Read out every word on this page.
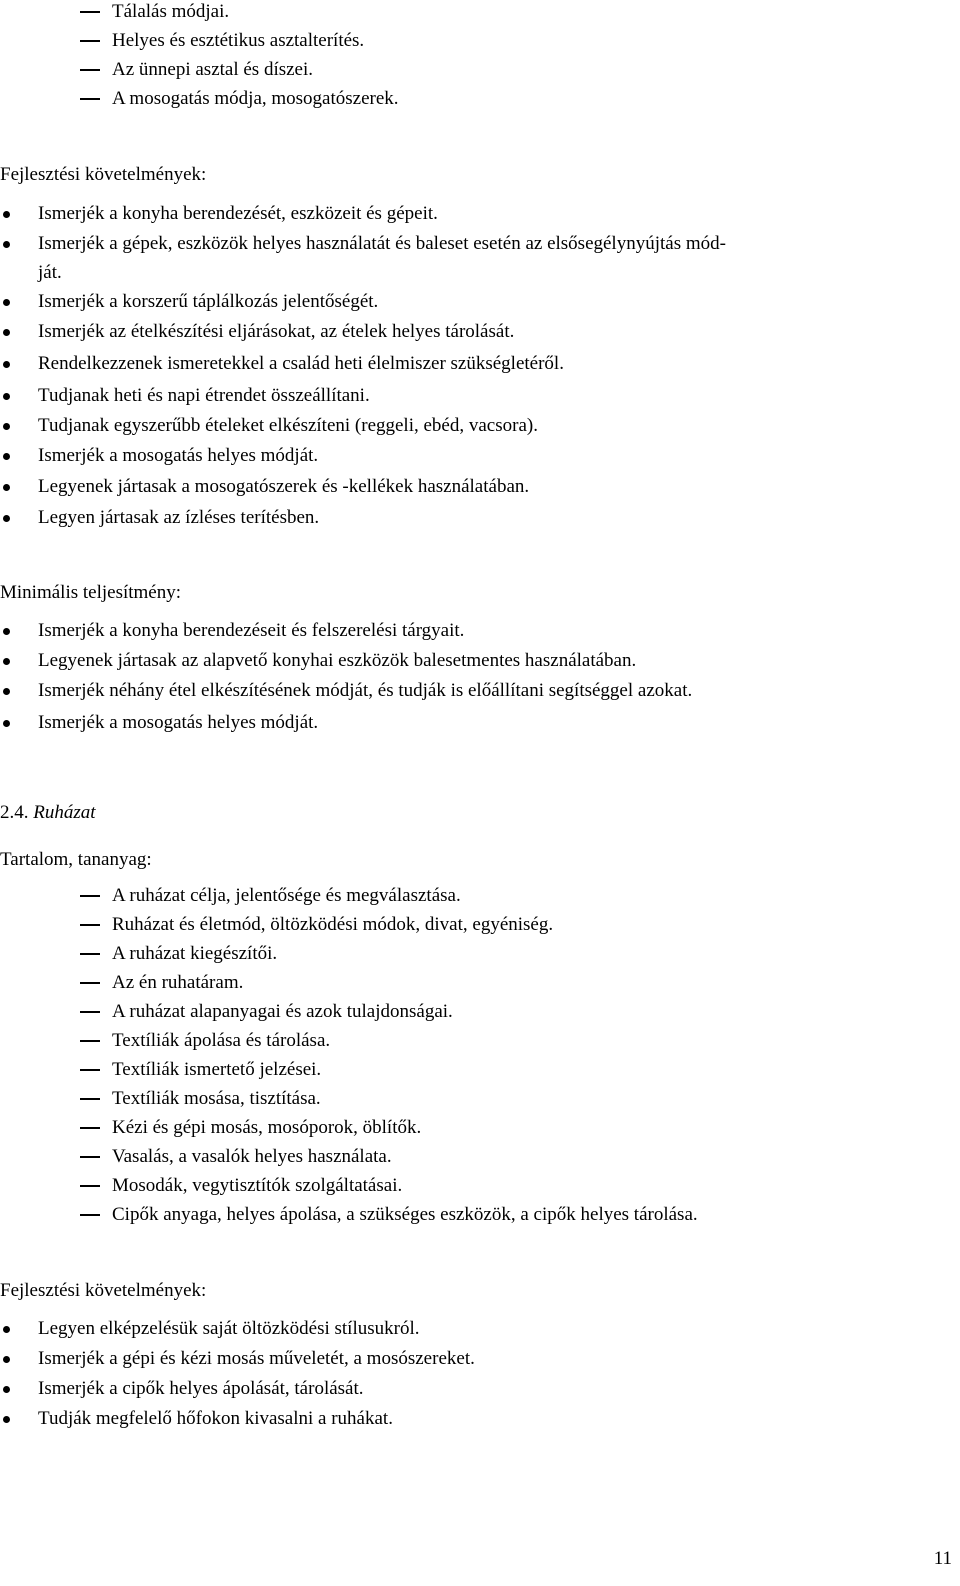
Tálalás módjai.
Helyes és esztétikus asztalterítés.
Az ünnepi asztal és díszei.
A mosogatás módja, mosogatószerek.
Fejlesztési követelmények:
Ismerjék a konyha berendezését, eszközeit és gépeit.
Ismerjék a gépek, eszközök helyes használatát és baleset esetén az elsősegélynyújtás mód-
ját.
Ismerjék a korszerű táplálkozás jelentőségét.
Ismerjék az ételkészítési eljárásokat, az ételek helyes tárolását.
Rendelkezzenek ismeretekkel a család heti élelmiszer szükségletéről.
Tudjanak heti és napi étrendet összeállítani.
Tudjanak egyszerűbb ételeket elkészíteni (reggeli, ebéd, vacsora).
Ismerjék a mosogatás helyes módját.
Legyenek jártasak a mosogatószerek és -kellékek használatában.
Legyen jártasak az ízléses terítésben.
Minimális teljesítmény:
Ismerjék a konyha berendezéseit és felszerelési tárgyait.
Legyenek jártasak az alapvető konyhai eszközök balesetmentes használatában.
Ismerjék néhány étel elkészítésének módját, és tudják is előállítani segítséggel azokat.
Ismerjék a mosogatás helyes módját.
2.4. Ruházat
Tartalom, tananyag:
A ruházat célja, jelentősége és megválasztása.
Ruházat és életmód, öltözködési módok, divat, egyéniség.
A ruházat kiegészítői.
Az én ruhatáram.
A ruházat alapanyagai és azok tulajdonságai.
Textíliák ápolása és tárolása.
Textíliák ismertető jelzései.
Textíliák mosása, tisztítása.
Kézi és gépi mosás, mosóporok, öblítők.
Vasalás, a vasalók helyes használata.
Mosodák, vegytisztítók szolgáltatásai.
Cipők anyaga, helyes ápolása, a szükséges eszközök, a cipők helyes tárolása.
Fejlesztési követelmények:
Legyen elképzelésük saját öltözködési stílusukról.
Ismerjék a gépi és kézi mosás műveletét, a mosószereket.
Ismerjék a cipők helyes ápolását, tárolását.
Tudják megfelelő hőfokon kivasalni a ruhákat.
11
